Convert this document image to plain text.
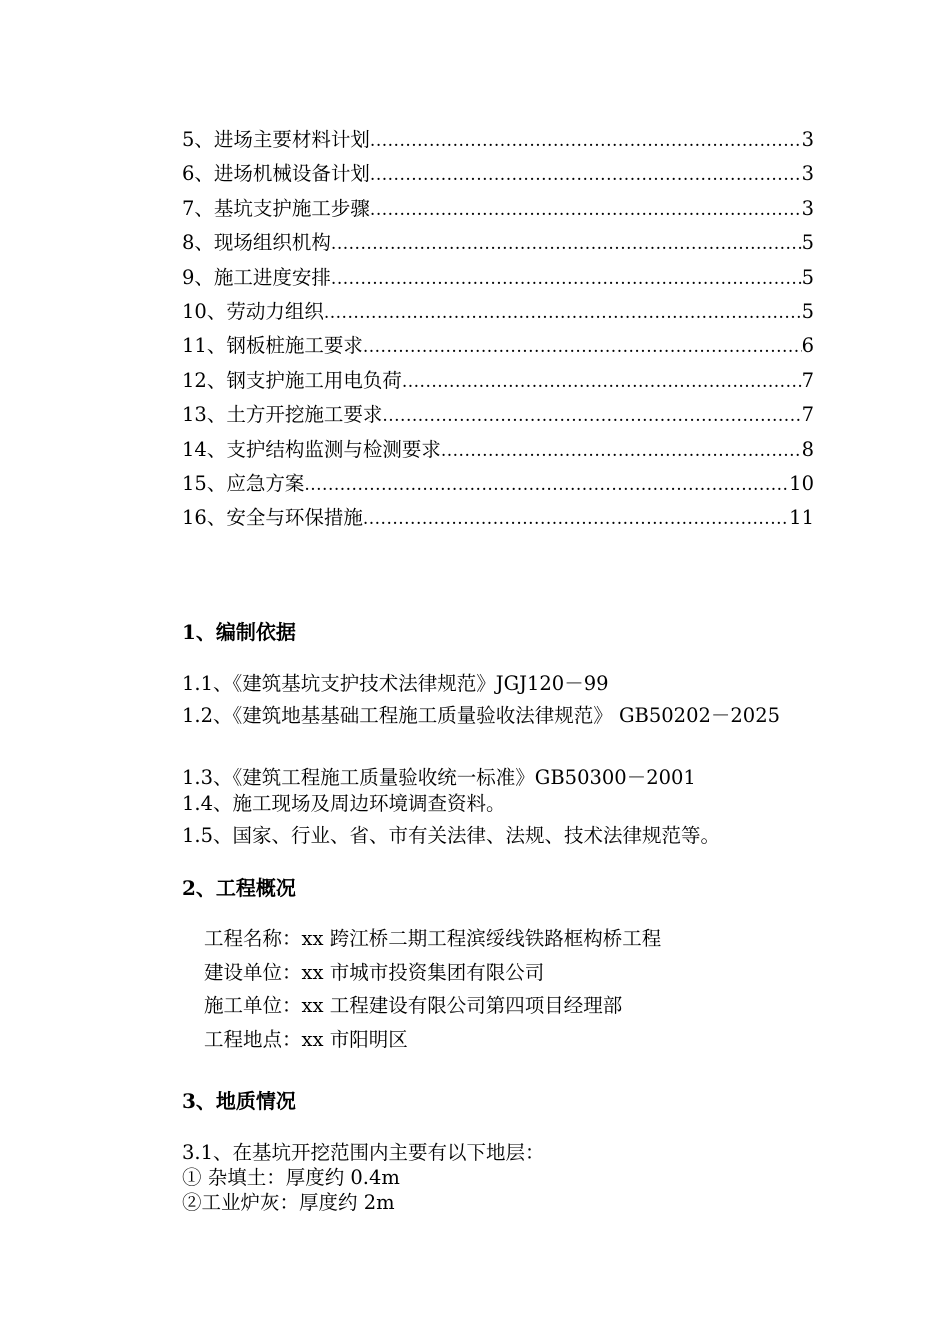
5、进场主要材料计划 .....	3
6、进场机械设备计划 .....	3
7、基坑支护施工步骤 .....	3
8、现场组织机构 .....	5
9、施工进度安排 .....	5
10、劳动力组织 .....	5
11、钢板桩施工要求 .....	6
12、钢支护施工用电负荷 .....	7
13、土方开挖施工要求 .....	7
14、支护结构监测与检测要求 .....	8
15、应急方案 .....	10
16、安全与环保措施 .....	11
1、编制依据
1.1、《建筑基坑支护技术法律规范》JGJ120－99
1.2、《建筑地基基础工程施工质量验收法律规范》 GB50202－2025
1.3、《建筑工程施工质量验收统一标准》GB50300－2001
1.4、施工现场及周边环境调查资料。
1.5、国家、行业、省、市有关法律、法规、技术法律规范等。
2、工程概况
工程名称：xx 跨江桥二期工程滨绥线铁路框构桥工程
建设单位：xx 市城市投资集团有限公司
施工单位：xx 工程建设有限公司第四项目经理部
工程地点：xx 市阳明区
3、地质情况
3.1、在基坑开挖范围内主要有以下地层：
① 杂填土：厚度约 0.4m
②工业炉灰：厚度约 2m
